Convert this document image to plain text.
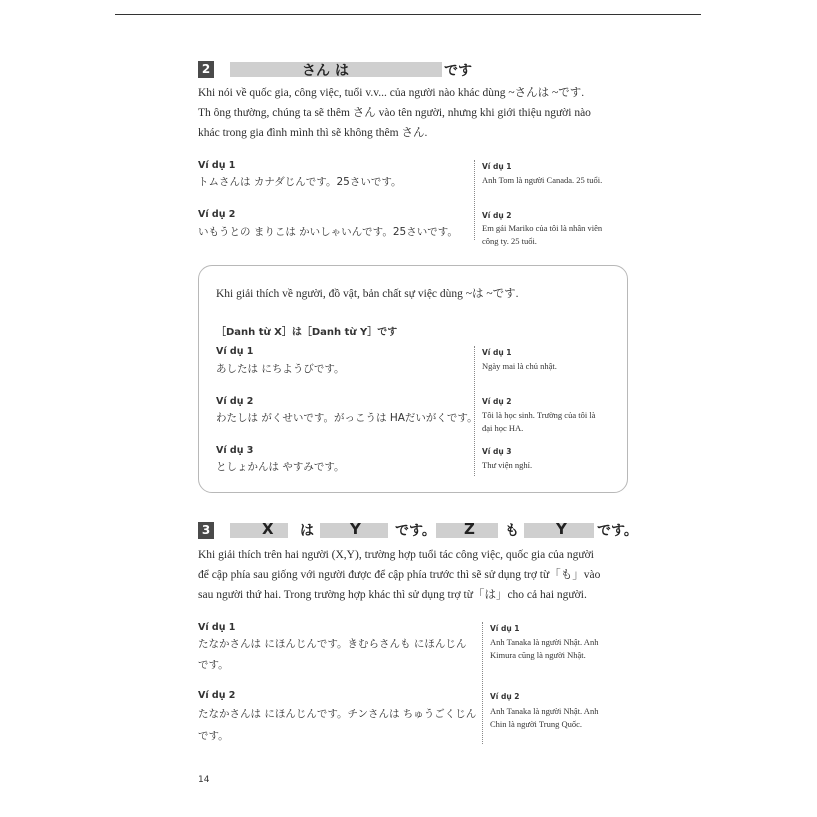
2	さん は	です
Khi nói về quốc gia, công việc, tuổi v.v... của người nào khác dùng ~さんは ~です.
Th ông thường, chúng ta sẽ thêm さん vào tên người, nhưng khi giới thiệu người nào
khác trong gia đình mình thì sẽ không thêm さん.
Ví dụ 1
トムさんは カナダじんです。25さいです。
Ví dụ 1
Anh Tom là người Canada. 25 tuổi.
Ví dụ 2
いもうとの まりこは かいしゃいんです。25さいです。
Ví dụ 2
Em gái Mariko của tôi là nhân viên
công ty. 25 tuổi.
Khi giải thích về người, đồ vật, bản chất sự việc dùng ~は ~です.
［Danh từ X］は［Danh từ Y］です
Ví dụ 1
あしたは にちようびです。
Ví dụ 1
Ngày mai là chủ nhật.
Ví dụ 2
わたしは がくせいです。がっこうは HAだいがくです。
Ví dụ 2
Tôi là học sinh. Trường của tôi là
đại học HA.
Ví dụ 3
としょかんは やすみです。
Ví dụ 3
Thư viện nghỉ.
3	X は Y です。 Z も Y です。
Khi giải thích trên hai người (X,Y), trường hợp tuổi tác công việc, quốc gia của người
để cập phía sau giống với người được để cập phía trước thì sẽ sử dụng trợ từ「も」vào
sau người thứ hai. Trong trường hợp khác thì sử dụng trợ từ「は」cho cả hai người.
Ví dụ 1
たなかさんは にほんじんです。きむらさんも にほんじん
です。
Ví dụ 1
Anh Tanaka là người Nhật. Anh
Kimura cũng là người Nhật.
Ví dụ 2
たなかさんは にほんじんです。チンさんは ちゅうごくじん
です。
Ví dụ 2
Anh Tanaka là người Nhật. Anh
Chin là người Trung Quốc.
14
